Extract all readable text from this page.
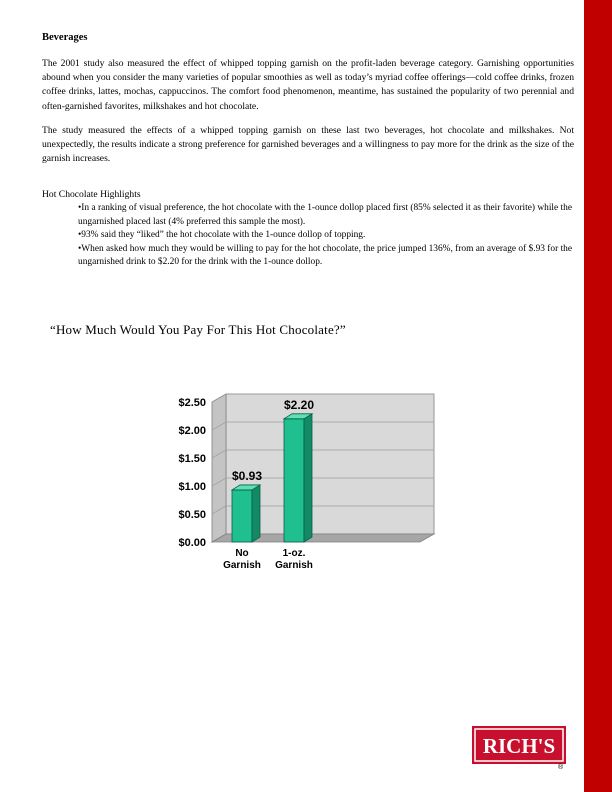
Beverages

The 2001 study also measured the effect of whipped topping garnish on the profit-laden beverage category. Garnishing opportunities abound when you consider the many varieties of popular smoothies as well as today’s myriad coffee offerings—cold coffee drinks, frozen coffee drinks, lattes, mochas, cappuccinos. The comfort food phenomenon, meantime, has sustained the popularity of two perennial and often-garnished favorites, milkshakes and hot chocolate.

The study measured the effects of a whipped topping garnish on these last two beverages, hot chocolate and milkshakes. Not unexpectedly, the results indicate a strong preference for garnished beverages and a willingness to pay more for the drink as the size of the garnish increases.

Hot Chocolate Highlights

• In a ranking of visual preference, the hot chocolate with the 1-ounce dollop placed first (85% selected it as their favorite) while the ungarnished placed last (4% preferred this sample the most).
• 93% said they “liked” the hot chocolate with the 1-ounce dollop of topping.
• When asked how much they would be willing to pay for the hot chocolate, the price jumped 136%, from an average of $.93 for the ungarnished drink to $2.20 for the drink with the 1-ounce dollop.
“How Much Would You Pay For This Hot Chocolate?”
$0.00
$0.50
$1.00
$1.50
$2.00
$2.50
$0.93
No
Garnish
$2.20
1-oz.
Garnish
RICH'S
®
